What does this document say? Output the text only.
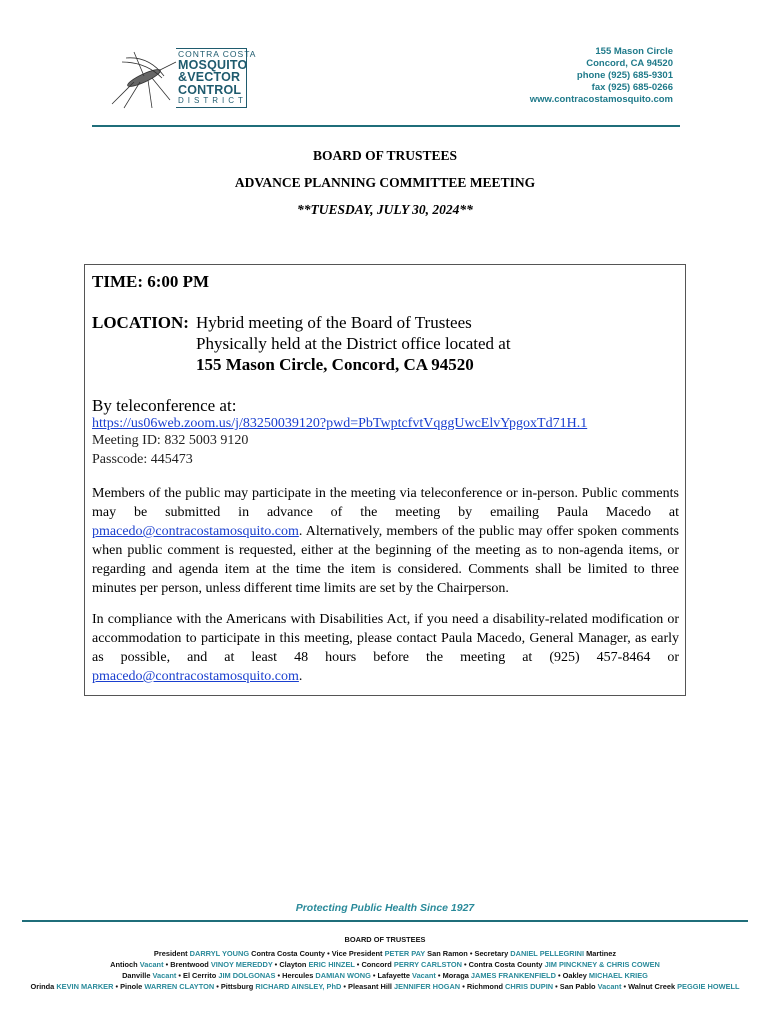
CONTRA COSTA
MOSQUITO
&VECTOR
CONTROL
DISTRICT
155 Mason Circle
Concord, CA 94520
phone (925) 685-9301
fax (925) 685-0266
www.contracostamosquito.com
BOARD OF TRUSTEES
ADVANCE PLANNING COMMITTEE MEETING
**TUESDAY, JULY 30, 2024**
TIME: 6:00 PM
LOCATION: Hybrid meeting of the Board of Trustees
Physically held at the District office located at
155 Mason Circle, Concord, CA 94520
By teleconference at:
https://us06web.zoom.us/j/83250039120?pwd=PbTwptcfvtVqggUwcElvYpgoxTd71H.1
Meeting ID: 832 5003 9120
Passcode: 445473
Members of the public may participate in the meeting via teleconference or in-person. Public comments may be submitted in advance of the meeting by emailing Paula Macedo at pmacedo@contracostamosquito.com. Alternatively, members of the public may offer spoken comments when public comment is requested, either at the beginning of the meeting as to non-agenda items, or regarding and agenda item at the time the item is considered. Comments shall be limited to three minutes per person, unless different time limits are set by the Chairperson.
In compliance with the Americans with Disabilities Act, if you need a disability-related modification or accommodation to participate in this meeting, please contact Paula Macedo, General Manager, as early as possible, and at least 48 hours before the meeting at (925) 457-8464 or pmacedo@contracostamosquito.com.
Protecting Public Health Since 1927
BOARD OF TRUSTEES
President DARRYL YOUNG Contra Costa County • Vice President PETER PAY San Ramon • Secretary DANIEL PELLEGRINI Martinez
Antioch Vacant • Brentwood VINOY MEREDDY • Clayton ERIC HINZEL • Concord PERRY CARLSTON • Contra Costa County JIM PINCKNEY & CHRIS COWEN
Danville Vacant • El Cerrito JIM DOLGONAS • Hercules DAMIAN WONG • Lafayette Vacant • Moraga JAMES FRANKENFIELD • Oakley MICHAEL KRIEG
Orinda KEVIN MARKER • Pinole WARREN CLAYTON • Pittsburg RICHARD AINSLEY, PhD • Pleasant Hill JENNIFER HOGAN • Richmond CHRIS DUPIN • San Pablo Vacant • Walnut Creek PEGGIE HOWELL
